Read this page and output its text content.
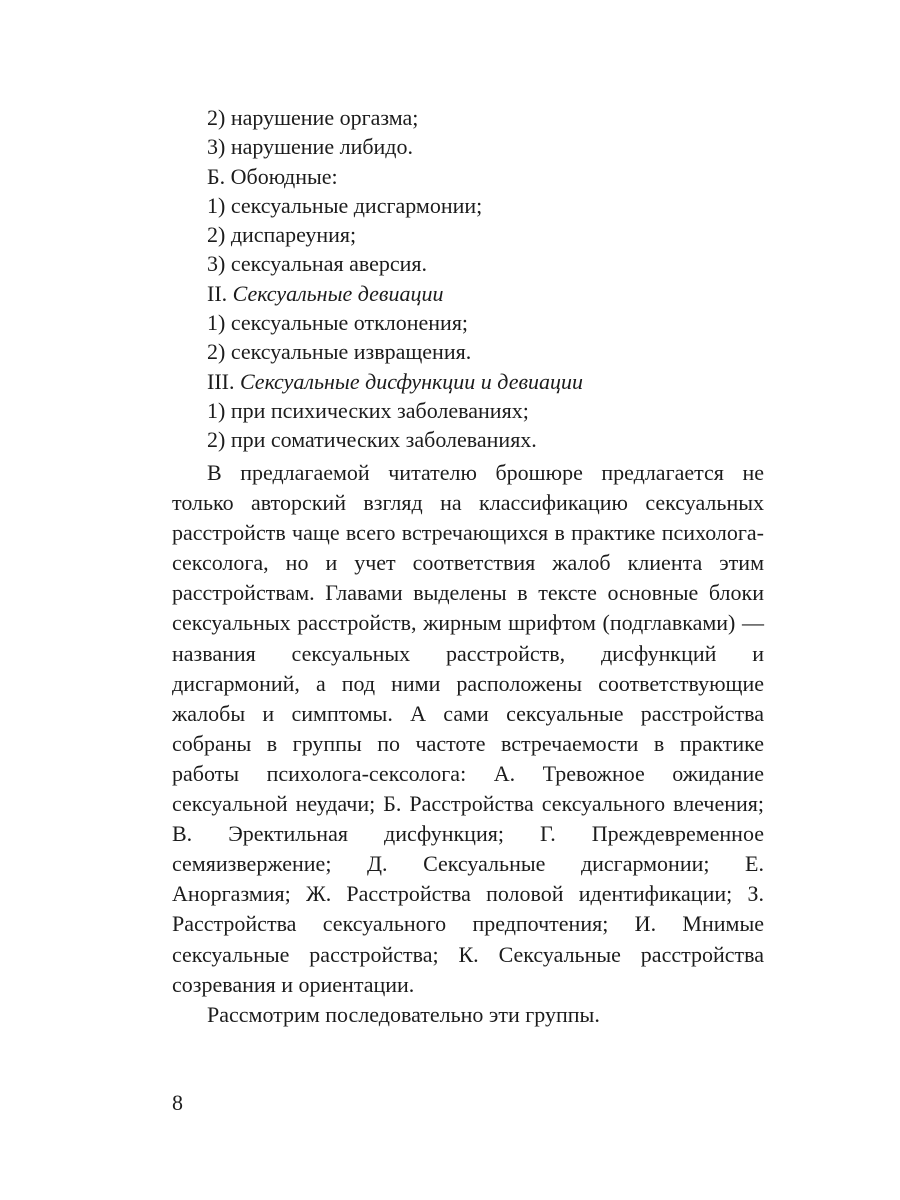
2) нарушение оргазма;
3) нарушение либидо.
Б. Обоюдные:
1) сексуальные дисгармонии;
2) диспареуния;
3) сексуальная аверсия.
II. Сексуальные девиации
1) сексуальные отклонения;
2) сексуальные извращения.
III. Сексуальные дисфункции и девиации
1) при психических заболеваниях;
2) при соматических заболеваниях.

В предлагаемой читателю брошюре предлагается не только авторский взгляд на классификацию сексуальных расстройств чаще всего встречающихся в практике психолога-сексолога, но и учет соответствия жалоб клиента этим расстройствам. Главами выделены в тексте основные блоки сексуальных расстройств, жирным шрифтом (подглавками) — названия сексуальных расстройств, дисфункций и дисгармоний, а под ними расположены соответствующие жалобы и симптомы. А сами сексуальные расстройства собраны в группы по частоте встречаемости в практике работы психолога-сексолога: А. Тревожное ожидание сексуальной неудачи; Б. Расстройства сексуального влечения; В. Эректильная дисфункция; Г. Преждевременное семяизвержение; Д. Сексуальные дисгармонии; Е. Аноргазмия; Ж. Расстройства половой идентификации; З. Расстройства сексуального предпочтения; И. Мнимые сексуальные расстройства; К. Сексуальные расстройства созревания и ориентации.

Рассмотрим последовательно эти группы.

8
